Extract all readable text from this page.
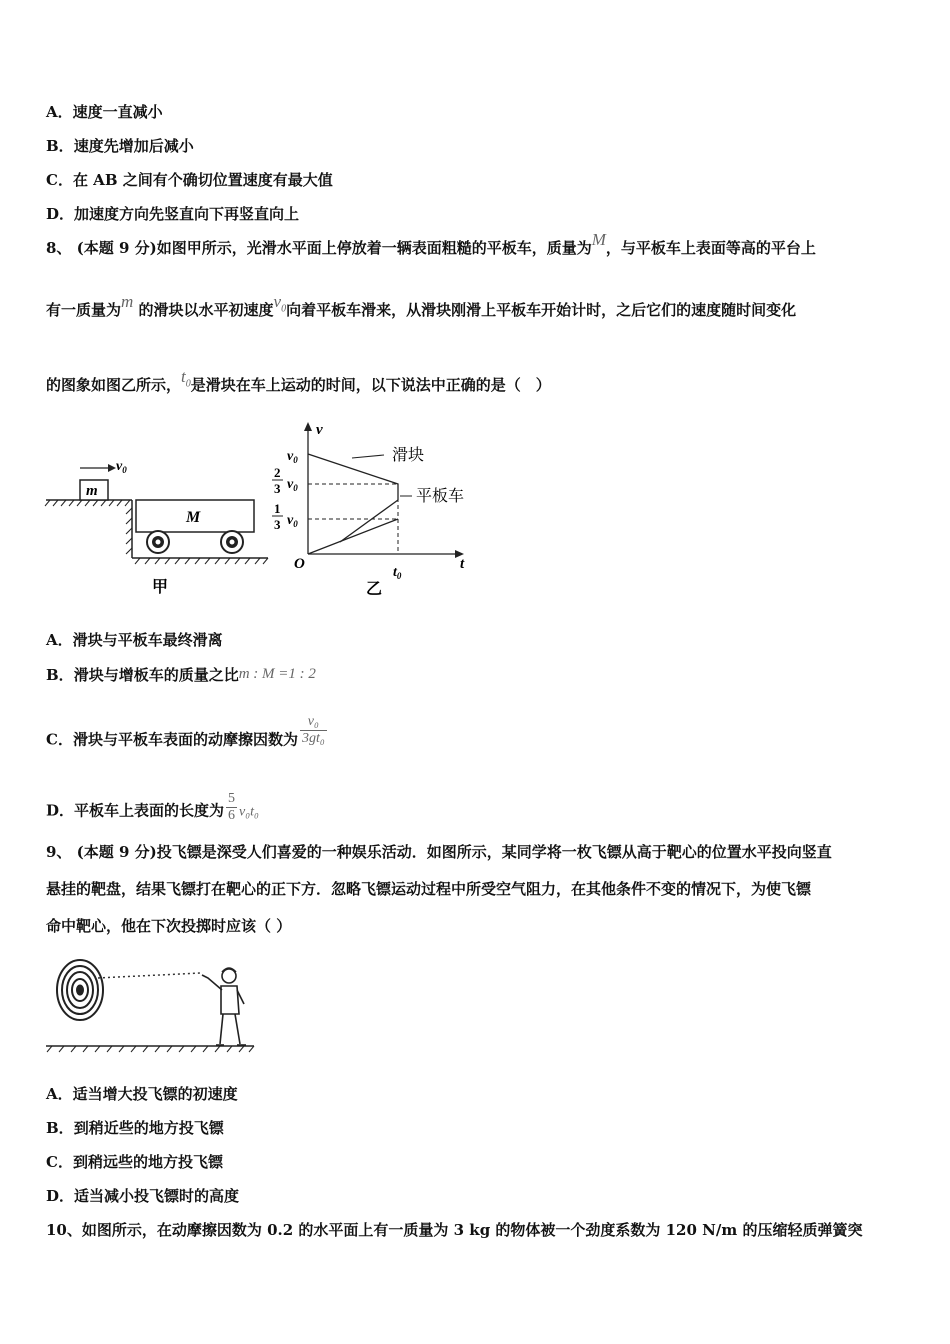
A．速度一直减小
B．速度先增加后减小
C．在 AB 之间有个确切位置速度有最大值
D．加速度方向先竖直向下再竖直向上
8、 (本题 9 分)如图甲所示，光滑水平面上停放着一辆表面粗糙的平板车，质量为M，与平板车上表面等高的平台上
有一质量为m 的滑块以水平初速度$v_0$向着平板车滑来，从滑块刚滑上平板车开始计时，之后它们的速度随时间变化
的图象如图乙所示，$t_0$是滑块在车上运动的时间，以下说法中正确的是（　）
m
$v_0$
M
甲
v
t
O
$v_0$
2
3 $v_0$
1
3 $v_0$
滑块
平板车
$t_0$
乙
A．滑块与平板车最终滑离
B．滑块与增板车的质量之比m : M =1 : 2
C．滑块与平板车表面的动摩擦因数为 $\frac{\text{v₀}}{\text{3gt₀}}$
D．平板车上表面的长度为 $\frac{5}{6} v_0t_0$
9、 (本题 9 分)投飞镖是深受人们喜爱的一种娱乐活动．如图所示，某同学将一枚飞镖从高于靶心的位置水平投向竖直
悬挂的靶盘，结果飞镖打在靶心的正下方．忽略飞镖运动过程中所受空气阻力，在其他条件不变的情况下，为使飞镖
命中靶心，他在下次投掷时应该（ ）
A．适当增大投飞镖的初速度
B．到稍近些的地方投飞镖
C．到稍远些的地方投飞镖
D．适当减小投飞镖时的高度
10、如图所示，在动摩擦因数为 0.2 的水平面上有一质量为 3 kg 的物体被一个劲度系数为 120 N/m 的压缩轻质弹簧突
